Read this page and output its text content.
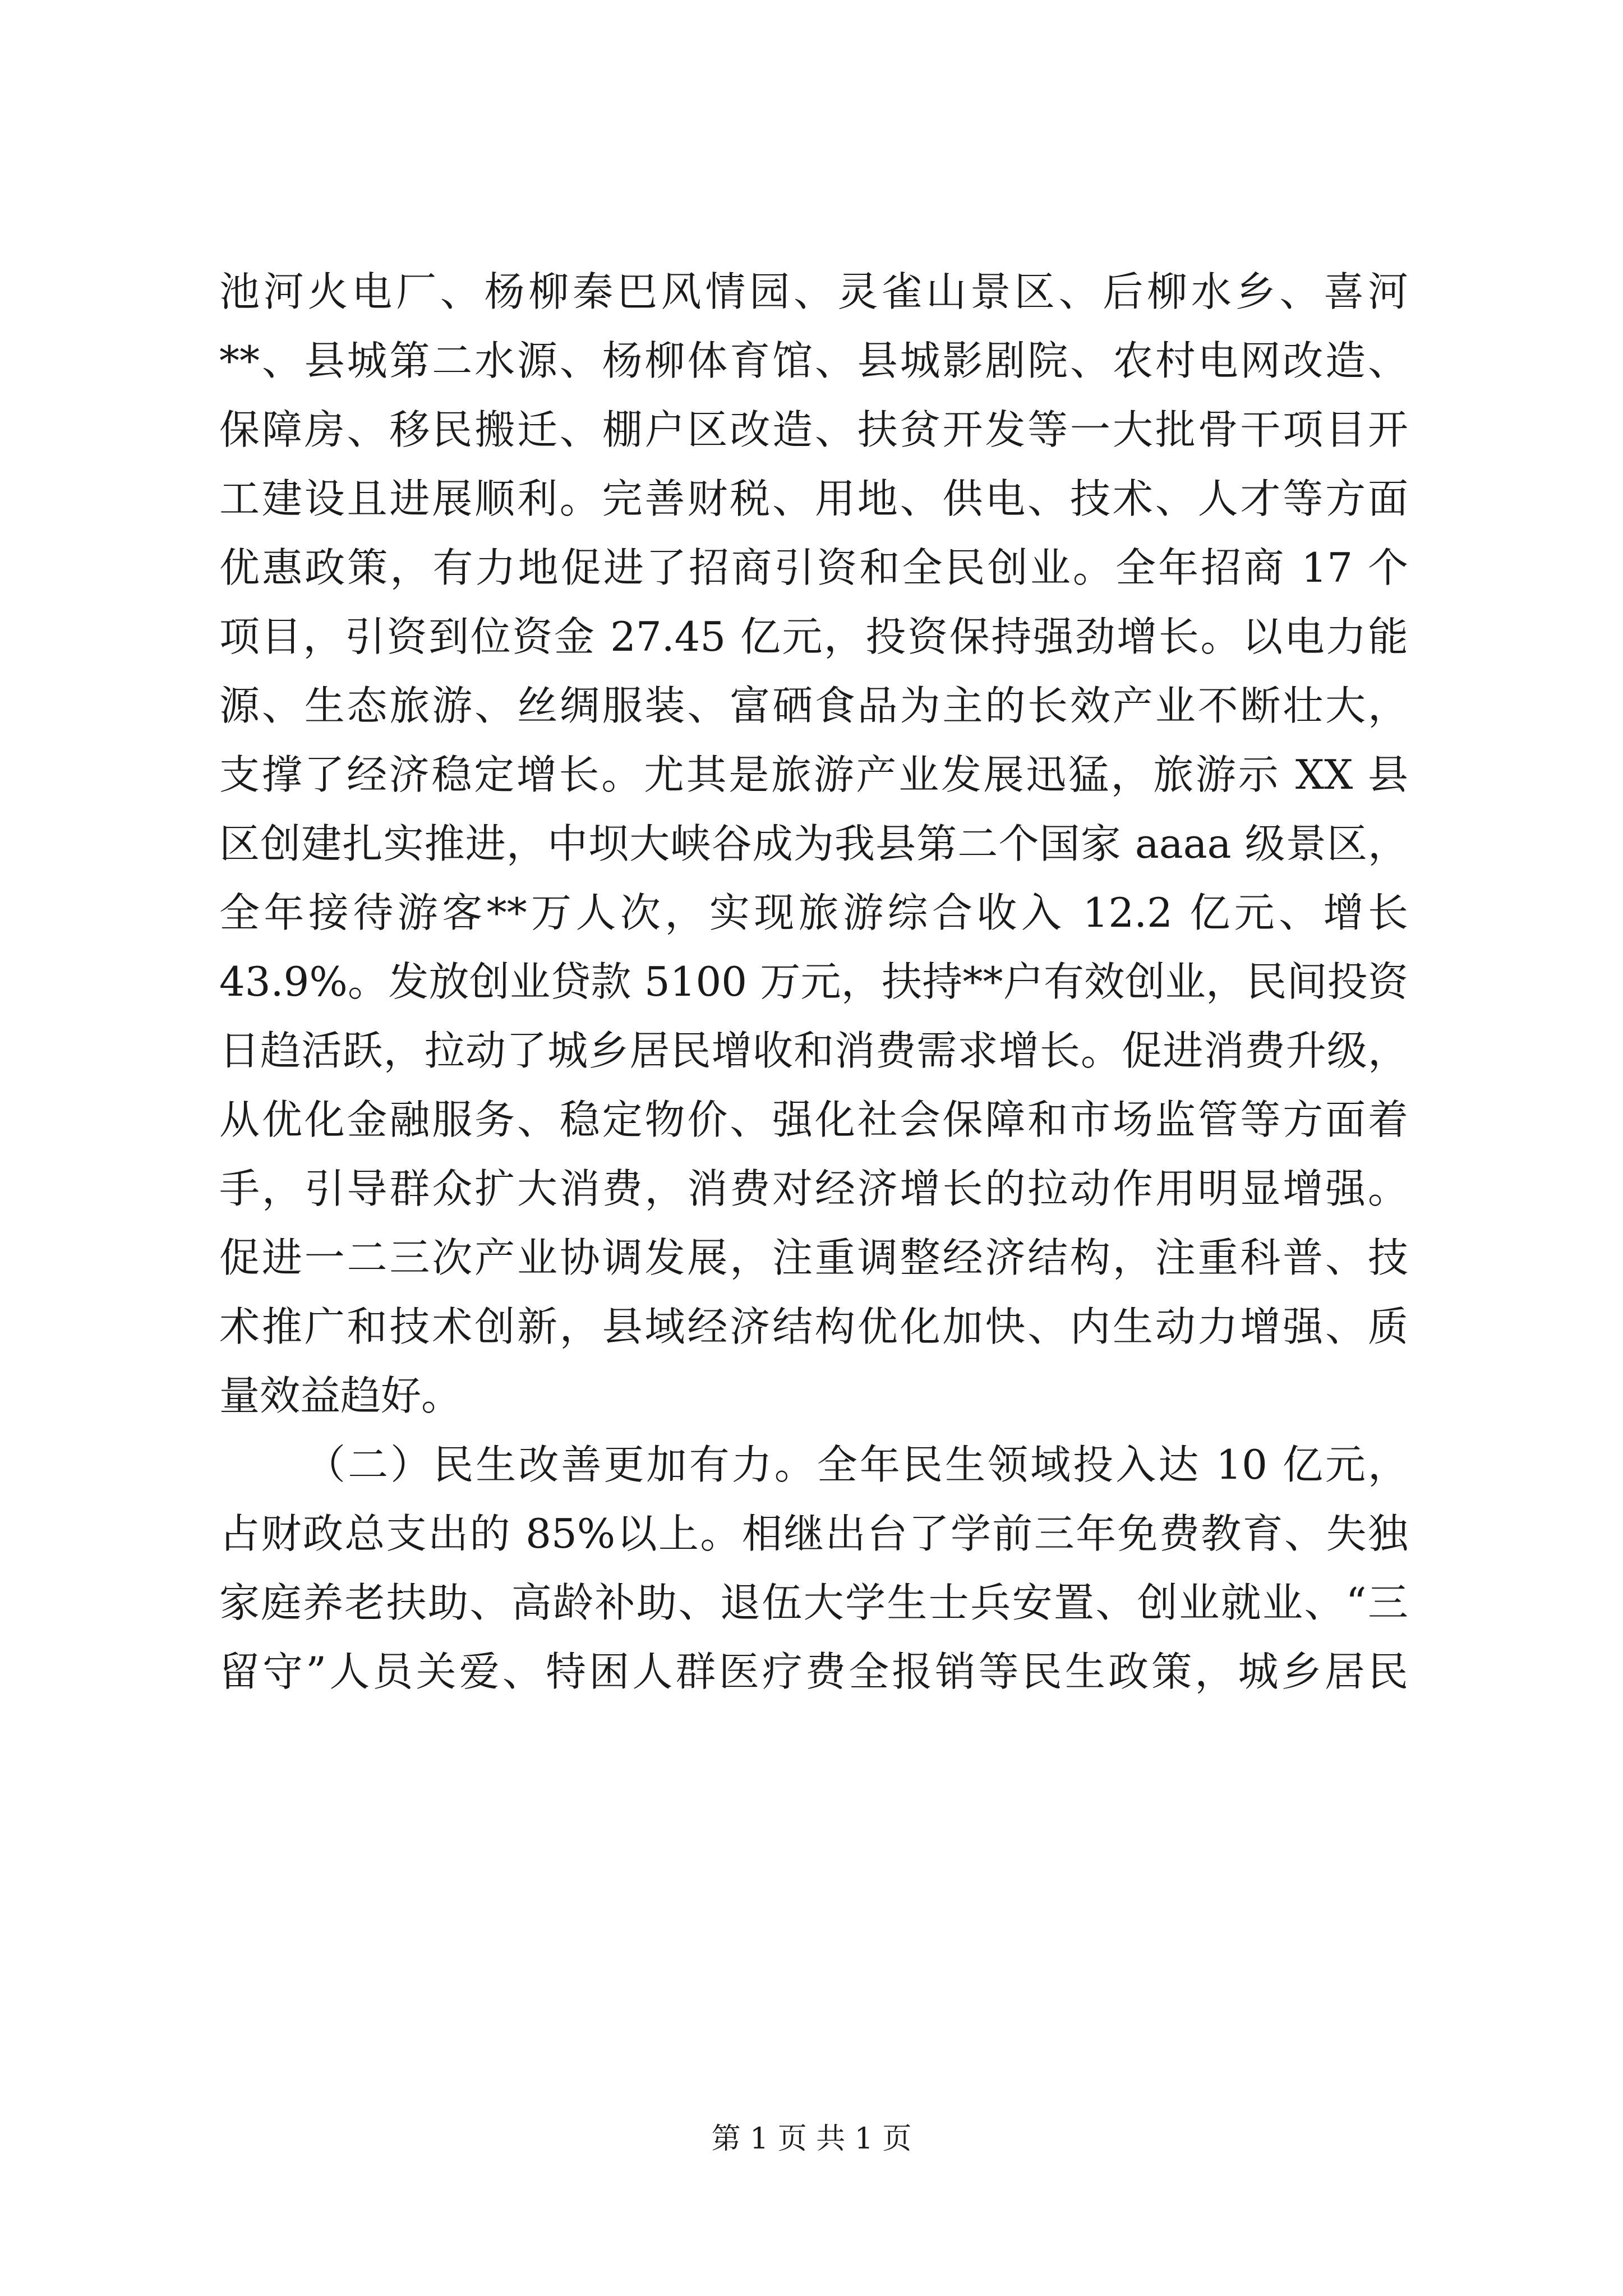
池河火电厂、杨柳秦巴风情园、灵雀山景区、后柳水乡、喜河
**、县城第二水源、杨柳体育馆、县城影剧院、农村电网改造、
保障房、移民搬迁、棚户区改造、扶贫开发等一大批骨干项目开
工建设且进展顺利。完善财税、用地、供电、技术、人才等方面
优惠政策，有力地促进了招商引资和全民创业。全年招商 17 个
项目，引资到位资金 27.45 亿元，投资保持强劲增长。以电力能
源、生态旅游、丝绸服装、富硒食品为主的长效产业不断壮大，
支撑了经济稳定增长。尤其是旅游产业发展迅猛，旅游示 XX 县
区创建扎实推进，中坝大峡谷成为我县第二个国家 aaaa 级景区，
全年接待游客**万人次，实现旅游综合收入 12.2 亿元、增长
43.9%。发放创业贷款 5100 万元，扶持**户有效创业，民间投资
日趋活跃，拉动了城乡居民增收和消费需求增长。促进消费升级，
从优化金融服务、稳定物价、强化社会保障和市场监管等方面着
手，引导群众扩大消费，消费对经济增长的拉动作用明显增强。
促进一二三次产业协调发展，注重调整经济结构，注重科普、技
术推广和技术创新，县域经济结构优化加快、内生动力增强、质
量效益趋好。
（二）民生改善更加有力。全年民生领域投入达 10 亿元，
占财政总支出的 85%以上。相继出台了学前三年免费教育、失独
家庭养老扶助、高龄补助、退伍大学生士兵安置、创业就业、“三
留守”人员关爱、特困人群医疗费全报销等民生政策，城乡居民
第 1 页 共 1 页
